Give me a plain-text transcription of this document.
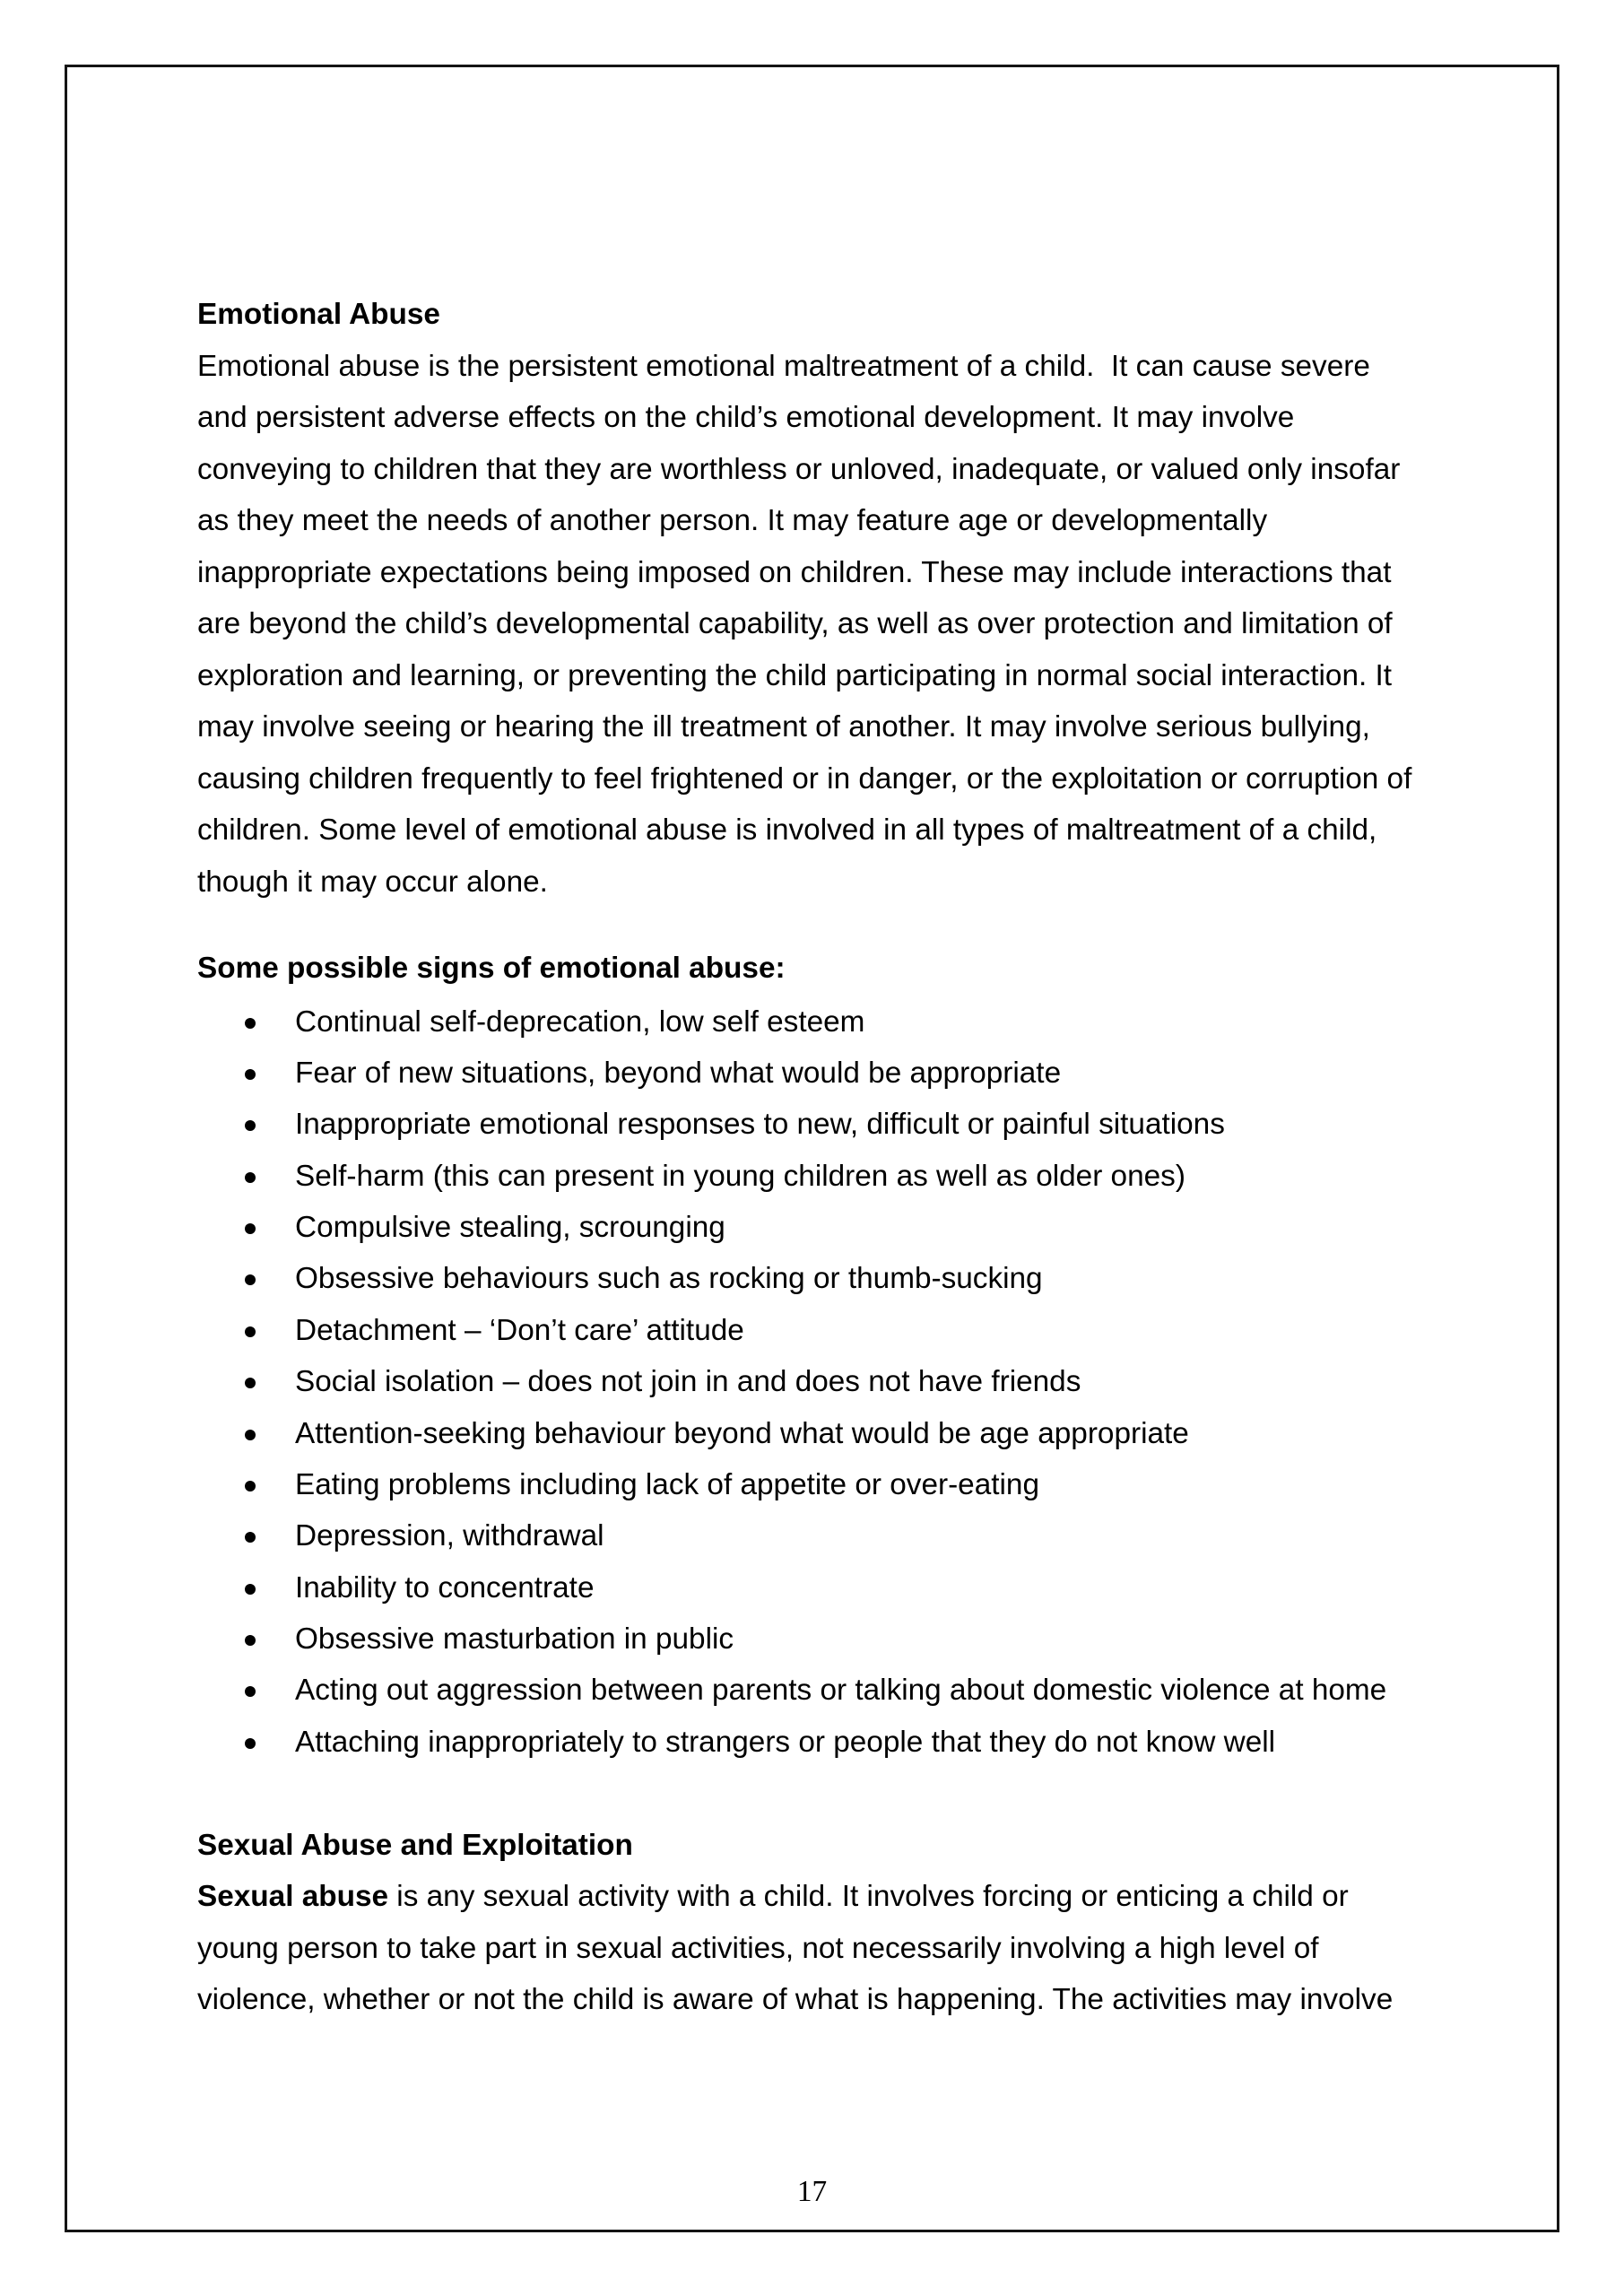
Emotional Abuse
Emotional abuse is the persistent emotional maltreatment of a child.  It can cause severe
and persistent adverse effects on the child’s emotional development. It may involve
conveying to children that they are worthless or unloved, inadequate, or valued only insofar
as they meet the needs of another person. It may feature age or developmentally
inappropriate expectations being imposed on children. These may include interactions that
are beyond the child’s developmental capability, as well as over protection and limitation of
exploration and learning, or preventing the child participating in normal social interaction. It
may involve seeing or hearing the ill treatment of another. It may involve serious bullying,
causing children frequently to feel frightened or in danger, or the exploitation or corruption of
children. Some level of emotional abuse is involved in all types of maltreatment of a child,
though it may occur alone.
Some possible signs of emotional abuse:
Continual self-deprecation, low self esteem
Fear of new situations, beyond what would be appropriate
Inappropriate emotional responses to new, difficult or painful situations
Self-harm (this can present in young children as well as older ones)
Compulsive stealing, scrounging
Obsessive behaviours such as rocking or thumb-sucking
Detachment – ‘Don’t care’ attitude
Social isolation – does not join in and does not have friends
Attention-seeking behaviour beyond what would be age appropriate
Eating problems including lack of appetite or over-eating
Depression, withdrawal
Inability to concentrate
Obsessive masturbation in public
Acting out aggression between parents or talking about domestic violence at home
Attaching inappropriately to strangers or people that they do not know well
Sexual Abuse and Exploitation
Sexual abuse is any sexual activity with a child. It involves forcing or enticing a child or
young person to take part in sexual activities, not necessarily involving a high level of
violence, whether or not the child is aware of what is happening. The activities may involve
17
